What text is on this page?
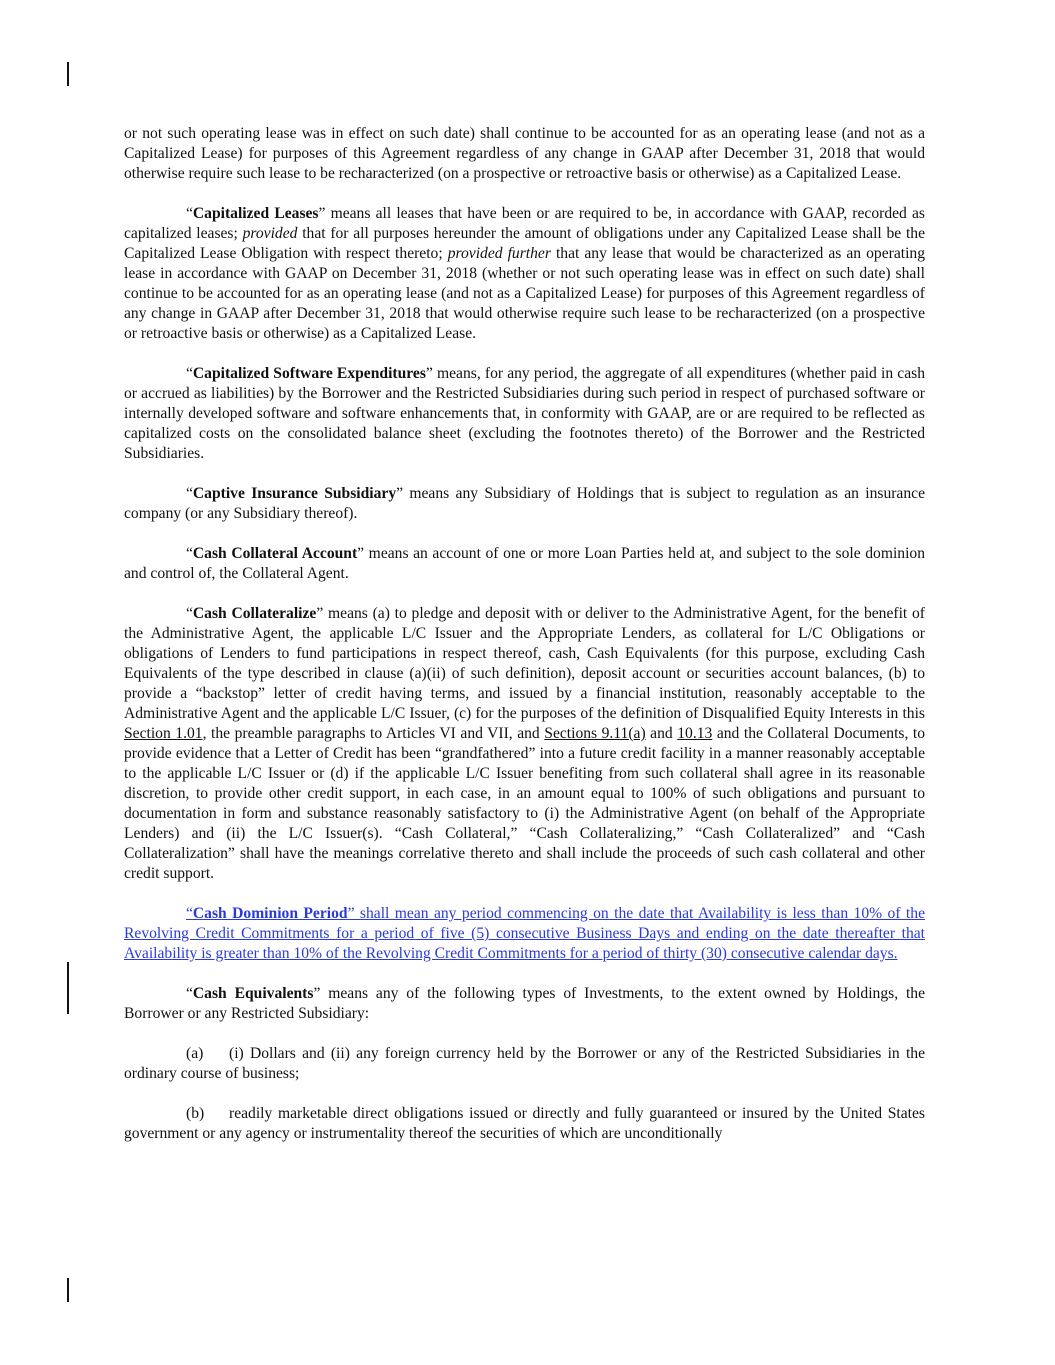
or not such operating lease was in effect on such date) shall continue to be accounted for as an operating lease (and not as a Capitalized Lease) for purposes of this Agreement regardless of any change in GAAP after December 31, 2018 that would otherwise require such lease to be recharacterized (on a prospective or retroactive basis or otherwise) as a Capitalized Lease.

“Capitalized Leases” means all leases that have been or are required to be, in accordance with GAAP, recorded as capitalized leases; provided that for all purposes hereunder the amount of obligations under any Capitalized Lease shall be the Capitalized Lease Obligation with respect thereto; provided further that any lease that would be characterized as an operating lease in accordance with GAAP on December 31, 2018 (whether or not such operating lease was in effect on such date) shall continue to be accounted for as an operating lease (and not as a Capitalized Lease) for purposes of this Agreement regardless of any change in GAAP after December 31, 2018 that would otherwise require such lease to be recharacterized (on a prospective or retroactive basis or otherwise) as a Capitalized Lease.

“Capitalized Software Expenditures” means, for any period, the aggregate of all expenditures (whether paid in cash or accrued as liabilities) by the Borrower and the Restricted Subsidiaries during such period in respect of purchased software or internally developed software and software enhancements that, in conformity with GAAP, are or are required to be reflected as capitalized costs on the consolidated balance sheet (excluding the footnotes thereto) of the Borrower and the Restricted Subsidiaries.

“Captive Insurance Subsidiary” means any Subsidiary of Holdings that is subject to regulation as an insurance company (or any Subsidiary thereof).

“Cash Collateral Account” means an account of one or more Loan Parties held at, and subject to the sole dominion and control of, the Collateral Agent.

“Cash Collateralize” means (a) to pledge and deposit with or deliver to the Administrative Agent, for the benefit of the Administrative Agent, the applicable L/C Issuer and the Appropriate Lenders, as collateral for L/C Obligations or obligations of Lenders to fund participations in respect thereof, cash, Cash Equivalents (for this purpose, excluding Cash Equivalents of the type described in clause (a)(ii) of such definition), deposit account or securities account balances, (b) to provide a “backstop” letter of credit having terms, and issued by a financial institution, reasonably acceptable to the Administrative Agent and the applicable L/C Issuer, (c) for the purposes of the definition of Disqualified Equity Interests in this Section 1.01, the preamble paragraphs to Articles VI and VII, and Sections 9.11(a) and 10.13 and the Collateral Documents, to provide evidence that a Letter of Credit has been “grandfathered” into a future credit facility in a manner reasonably acceptable to the applicable L/C Issuer or (d) if the applicable L/C Issuer benefiting from such collateral shall agree in its reasonable discretion, to provide other credit support, in each case, in an amount equal to 100% of such obligations and pursuant to documentation in form and substance reasonably satisfactory to (i) the Administrative Agent (on behalf of the Appropriate Lenders) and (ii) the L/C Issuer(s). “Cash Collateral,” “Cash Collateralizing,” “Cash Collateralized” and “Cash Collateralization” shall have the meanings correlative thereto and shall include the proceeds of such cash collateral and other credit support.

“Cash Dominion Period” shall mean any period commencing on the date that Availability is less than 10% of the Revolving Credit Commitments for a period of five (5) consecutive Business Days and ending on the date thereafter that Availability is greater than 10% of the Revolving Credit Commitments for a period of thirty (30) consecutive calendar days.

“Cash Equivalents” means any of the following types of Investments, to the extent owned by Holdings, the Borrower or any Restricted Subsidiary:

(a) (i) Dollars and (ii) any foreign currency held by the Borrower or any of the Restricted Subsidiaries in the ordinary course of business;

(b) readily marketable direct obligations issued or directly and fully guaranteed or insured by the United States government or any agency or instrumentality thereof the securities of which are unconditionally
